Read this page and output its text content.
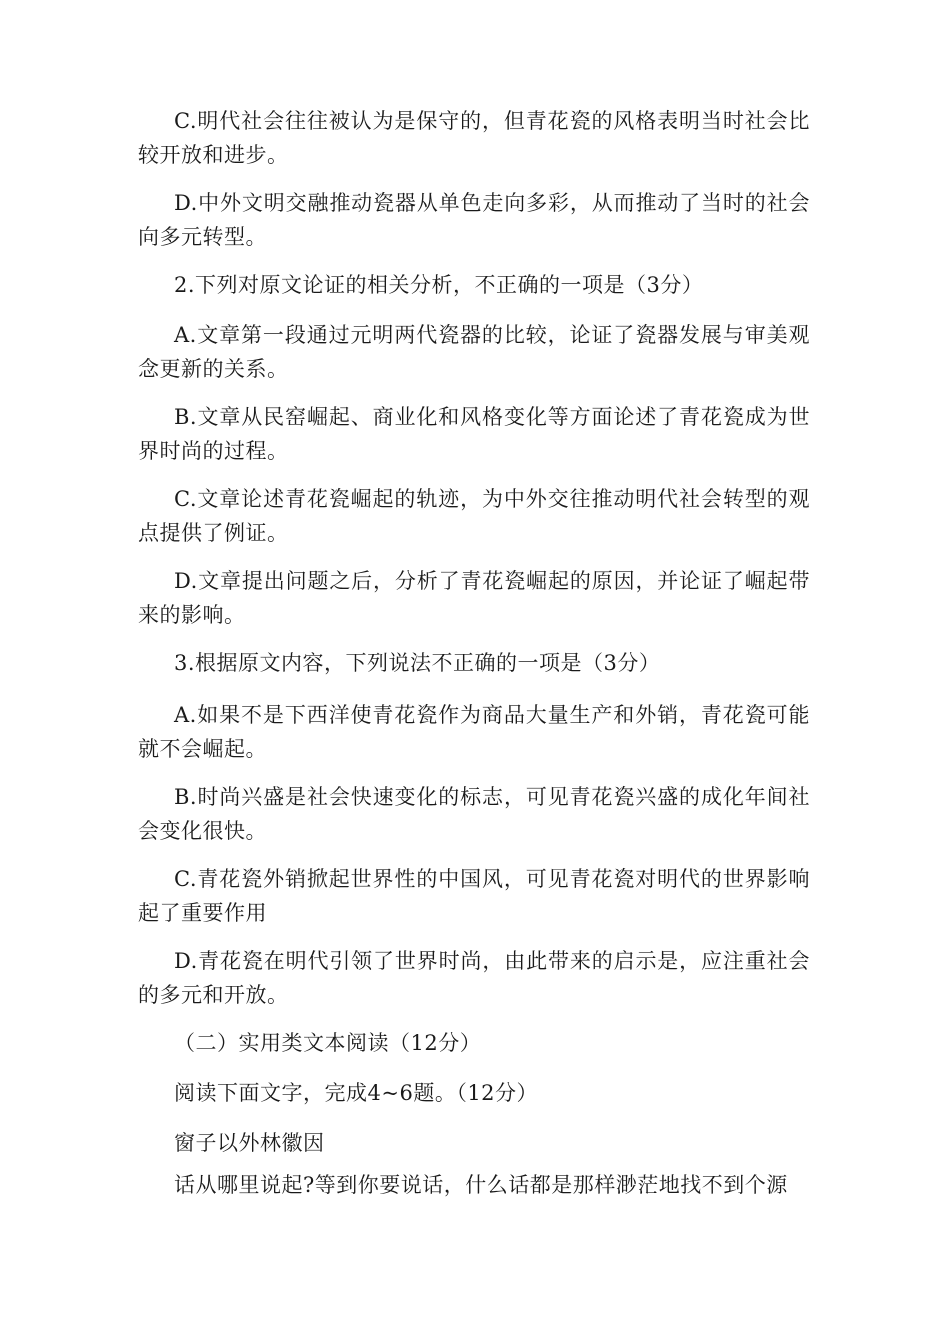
C.明代社会往往被认为是保守的，但青花瓷的风格表明当时社会比较开放和进步。

D.中外文明交融推动瓷器从单色走向多彩，从而推动了当时的社会向多元转型。

2.下列对原文论证的相关分析，不正确的一项是（3分）

A.文章第一段通过元明两代瓷器的比较，论证了瓷器发展与审美观念更新的关系。

B.文章从民窑崛起、商业化和风格变化等方面论述了青花瓷成为世界时尚的过程。

C.文章论述青花瓷崛起的轨迹，为中外交往推动明代社会转型的观点提供了例证。

D.文章提出问题之后，分析了青花瓷崛起的原因，并论证了崛起带来的影响。

3.根据原文内容，下列说法不正确的一项是（3分）

A.如果不是下西洋使青花瓷作为商品大量生产和外销，青花瓷可能就不会崛起。

B.时尚兴盛是社会快速变化的标志，可见青花瓷兴盛的成化年间社会变化很快。

C.青花瓷外销掀起世界性的中国风，可见青花瓷对明代的世界影响起了重要作用

D.青花瓷在明代引领了世界时尚，由此带来的启示是，应注重社会的多元和开放。

（二）实用类文本阅读（12分）

阅读下面文字，完成4~6题。（12分）

窗子以外林徽因

话从哪里说起?等到你要说话，什么话都是那样渺茫地找不到个源
